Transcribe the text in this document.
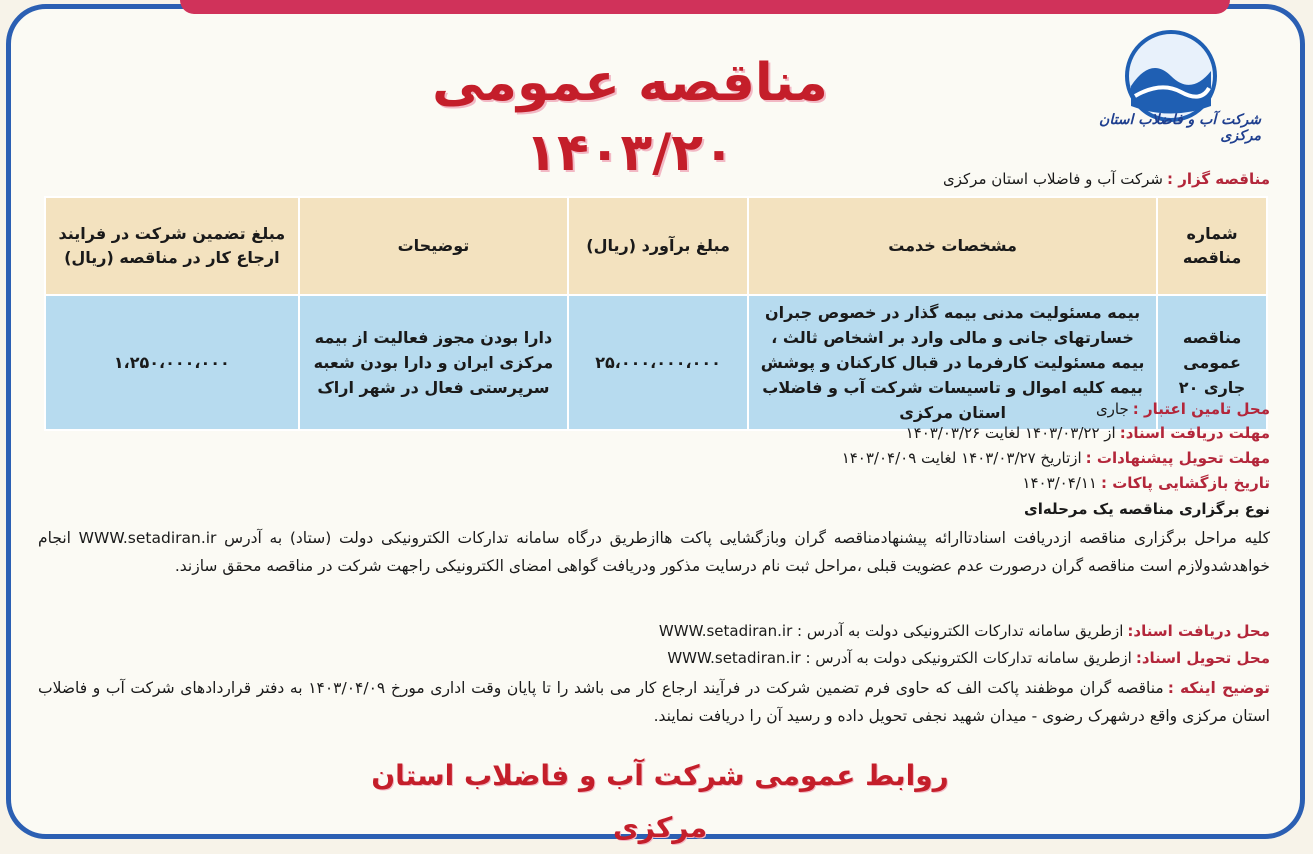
مناقصه عمومی ۱۴۰۳/۲۰
شرکت آب و فاضلاب استان مرکزی
مناقصه گزار :شرکت آب و فاضلاب استان مرکزی
شماره مناقصه	مشخصات خدمت	مبلغ برآورد (ریال)	توضیحات	مبلغ تضمین شرکت در فرایند ارجاع کار در مناقصه (ریال)
مناقصه عمومی جاری ۲۰	بیمه مسئولیت مدنی بیمه گذار در خصوص جبران خسارتهای جانی و مالی وارد بر اشخاص ثالث ، بیمه مسئولیت کارفرما در قبال کارکنان و پوشش بیمه کلیه اموال و تاسیسات شرکت آب و فاضلاب استان مرکزی	۲۵،۰۰۰،۰۰۰،۰۰۰	دارا بودن مجوز فعالیت از بیمه مرکزی ایران و دارا بودن شعبه سرپرستی فعال در شهر اراک	۱،۲۵۰،۰۰۰،۰۰۰
محل تامین اعتبار :جاری
مهلت دریافت اسناد:از ۱۴۰۳/۰۳/۲۲ لغایت ۱۴۰۳/۰۳/۲۶
مهلت تحویل پیشنهادات :ازتاریخ ۱۴۰۳/۰۳/۲۷ لغایت ۱۴۰۳/۰۴/۰۹
تاریخ بازگشایی پاکات :۱۴۰۳/۰۴/۱۱
نوع برگزاری مناقصه یک مرحله‌ای
کلیه مراحل برگزاری مناقصه ازدریافت اسنادتاارائه پیشنهادمناقصه گران وبازگشایی پاکت هاازطریق درگاه سامانه تدارکات الکترونیکی دولت (ستاد) به آدرس WWW.setadiran.ir انجام خواهدشدولازم است مناقصه گران درصورت عدم عضویت قبلی ،مراحل ثبت نام درسایت مذکور ودریافت گواهی امضای الکترونیکی راجهت شرکت در مناقصه محقق سازند.
محل دریافت اسناد:ازطریق سامانه تدارکات الکترونیکی دولت به آدرس : WWW.setadiran.ir
محل تحویل اسناد:ازطریق سامانه تدارکات الکترونیکی دولت به آدرس : WWW.setadiran.ir
توضیح اینکه :مناقصه گران موظفند پاکت الف که حاوی فرم تضمین شرکت در فرآیند ارجاع کار می باشد را تا پایان وقت اداری مورخ ۱۴۰۳/۰۴/۰۹ به دفتر قراردادهای شرکت آب و فاضلاب استان مرکزی واقع درشهرک رضوی - میدان شهید نجفی تحویل داده و رسید آن را دریافت نمایند.
روابط عمومی شرکت آب و فاضلاب استان مرکزی
